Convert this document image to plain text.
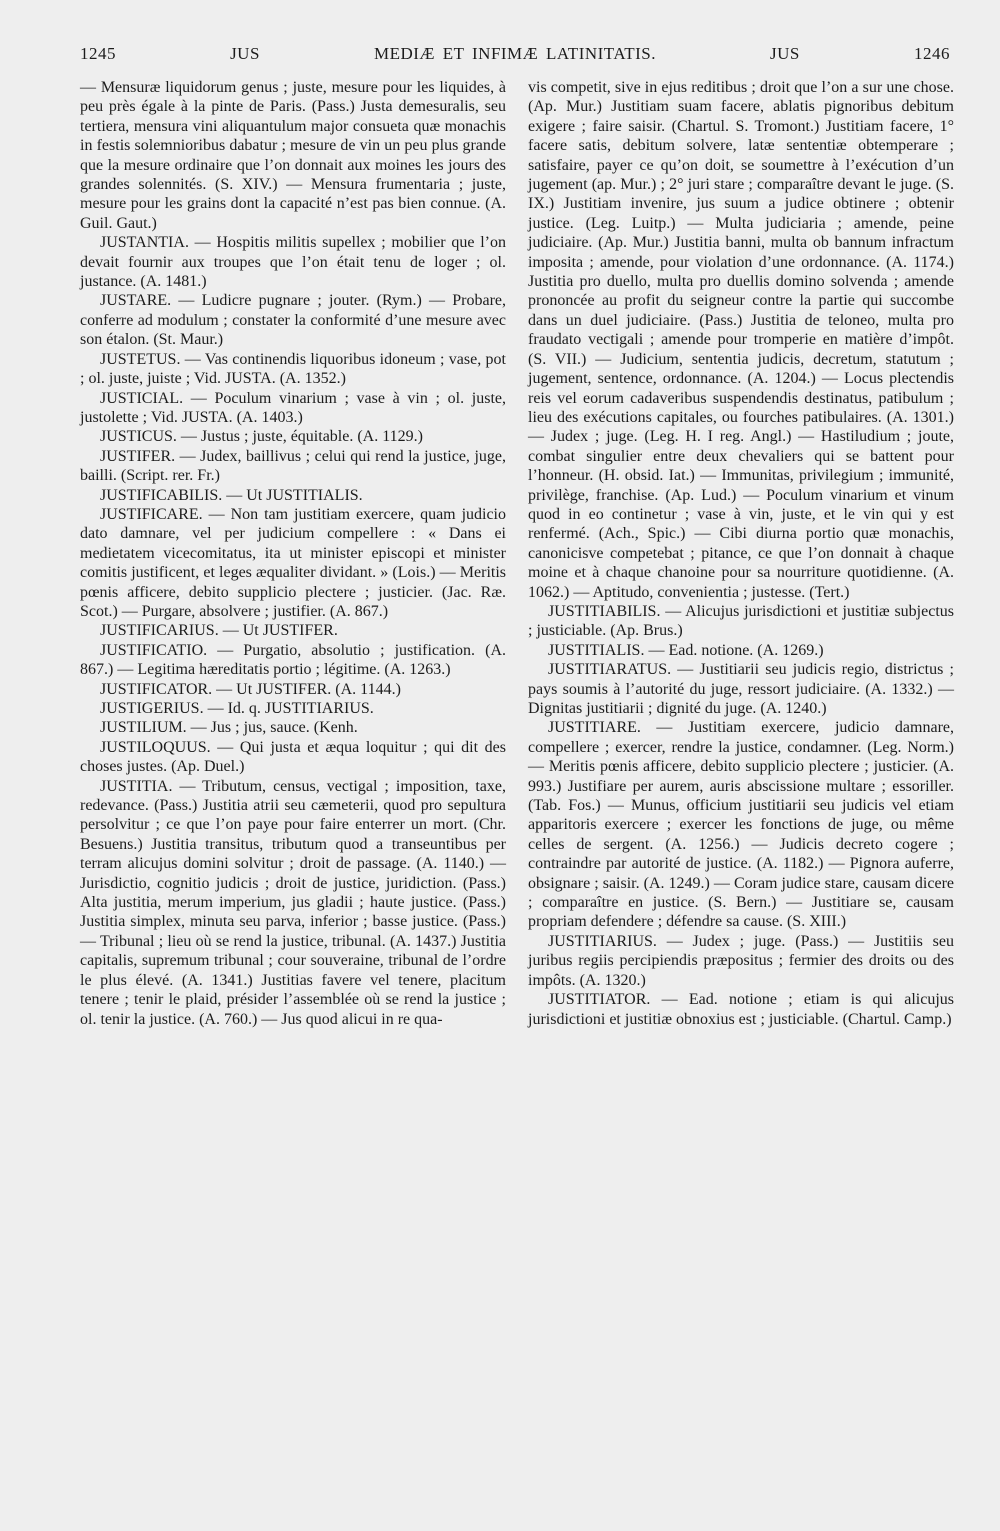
1245	JUS	MEDIÆ ET INFIMÆ LATINITATIS.	JUS	1246

— Mensuræ liquidorum genus ; juste, mesure pour les liquides, à peu près égale à la pinte de Paris. (Pass.) Justa demesuralis, seu tertiera, mensura vini aliquantulum major consueta quæ monachis in festis solemnioribus dabatur ; mesure de vin un peu plus grande que la mesure ordinaire que l’on donnait aux moines les jours des grandes solennités. (S. XIV.) — Mensura frumentaria ; juste, mesure pour les grains dont la capacité n’est pas bien connue. (A. Guil. Gaut.)

JUSTANTIA. — Hospitis militis supellex ; mobilier que l’on devait fournir aux troupes que l’on était tenu de loger ; ol. justance. (A. 1481.)

JUSTARE. — Ludicre pugnare ; jouter. (Rym.) — Probare, conferre ad modulum ; constater la conformité d’une mesure avec son étalon. (St. Maur.)

JUSTETUS. — Vas continendis liquoribus idoneum ; vase, pot ; ol. juste, juiste ; Vid. JUSTA. (A. 1352.)

JUSTICIAL. — Poculum vinarium ; vase à vin ; ol. juste, justolette ; Vid. JUSTA. (A. 1403.)

JUSTICUS. — Justus ; juste, équitable. (A. 1129.)

JUSTIFER. — Judex, baillivus ; celui qui rend la justice, juge, bailli. (Script. rer. Fr.)

JUSTIFICABILIS. — Ut JUSTITIALIS.

JUSTIFICARE. — Non tam justitiam exercere, quam judicio dato damnare, vel per judicium compellere : « Dans ei medietatem vicecomitatus, ita ut minister episcopi et minister comitis justificent, et leges æqualiter dividant. » (Lois.) — Meritis pœnis afficere, debito supplicio plectere ; justicier. (Jac. Ræ. Scot.) — Purgare, absolvere ; justifier. (A. 867.)

JUSTIFICARIUS. — Ut JUSTIFER.

JUSTIFICATIO. — Purgatio, absolutio ; justification. (A. 867.) — Legitima hæreditatis portio ; légitime. (A. 1263.)

JUSTIFICATOR. — Ut JUSTIFER. (A. 1144.)

JUSTIGERIUS. — Id. q. JUSTITIARIUS.

JUSTILIUM. — Jus ; jus, sauce. (Kenh.

JUSTILOQUUS. — Qui justa et æqua loquitur ; qui dit des choses justes. (Ap. Duel.)

JUSTITIA. — Tributum, census, vectigal ; imposition, taxe, redevance. (Pass.) Justitia atrii seu cæmeterii, quod pro sepultura persolvitur ; ce que l’on paye pour faire enterrer un mort. (Chr. Besuens.) Justitia transitus, tributum quod a transeuntibus per terram alicujus domini solvitur ; droit de passage. (A. 1140.) — Jurisdictio, cognitio judicis ; droit de justice, juridiction. (Pass.) Alta justitia, merum imperium, jus gladii ; haute justice. (Pass.) Justitia simplex, minuta seu parva, inferior ; basse justice. (Pass.) — Tribunal ; lieu où se rend la justice, tribunal. (A. 1437.) Justitia capitalis, supremum tribunal ; cour souveraine, tribunal de l’ordre le plus élevé. (A. 1341.) Justitias favere vel tenere, placitum tenere ; tenir le plaid, présider l’assemblée où se rend la justice ; ol. tenir la justice. (A. 760.) — Jus quod alicui in re qua-

vis competit, sive in ejus reditibus ; droit que l’on a sur une chose. (Ap. Mur.) Justitiam suam facere, ablatis pignoribus debitum exigere ; faire saisir. (Chartul. S. Tromont.) Justitiam facere, 1° facere satis, debitum solvere, latæ sententiæ obtemperare ; satisfaire, payer ce qu’on doit, se soumettre à l’exécution d’un jugement (ap. Mur.) ; 2° juri stare ; comparaître devant le juge. (S. IX.) Justitiam invenire, jus suum a judice obtinere ; obtenir justice. (Leg. Luitp.) — Multa judiciaria ; amende, peine judiciaire. (Ap. Mur.) Justitia banni, multa ob bannum infractum imposita ; amende, pour violation d’une ordonnance. (A. 1174.) Justitia pro duello, multa pro duellis domino solvenda ; amende prononcée au profit du seigneur contre la partie qui succombe dans un duel judiciaire. (Pass.) Justitia de teloneo, multa pro fraudato vectigali ; amende pour tromperie en matière d’impôt. (S. VII.) — Judicium, sententia judicis, decretum, statutum ; jugement, sentence, ordonnance. (A. 1204.) — Locus plectendis reis vel eorum cadaveribus suspendendis destinatus, patibulum ; lieu des exécutions capitales, ou fourches patibulaires. (A. 1301.) — Judex ; juge. (Leg. H. I reg. Angl.) — Hastiludium ; joute, combat singulier entre deux chevaliers qui se battent pour l’honneur. (H. obsid. Iat.) — Immunitas, privilegium ; immunité, privilège, franchise. (Ap. Lud.) — Poculum vinarium et vinum quod in eo continetur ; vase à vin, juste, et le vin qui y est renfermé. (Ach., Spic.) — Cibi diurna portio quæ monachis, canonicisve competebat ; pitance, ce que l’on donnait à chaque moine et à chaque chanoine pour sa nourriture quotidienne. (A. 1062.) — Aptitudo, convenientia ; justesse. (Tert.)

JUSTITIABILIS. — Alicujus jurisdictioni et justitiæ subjectus ; justiciable. (Ap. Brus.)

JUSTITIALIS. — Ead. notione. (A. 1269.)

JUSTITIARATUS. — Justitiarii seu judicis regio, districtus ; pays soumis à l’autorité du juge, ressort judiciaire. (A. 1332.) — Dignitas justitiarii ; dignité du juge. (A. 1240.)

JUSTITIARE. — Justitiam exercere, judicio damnare, compellere ; exercer, rendre la justice, condamner. (Leg. Norm.) — Meritis pœnis afficere, debito supplicio plectere ; justicier. (A. 993.) Justifiare per aurem, auris abscissione multare ; essoriller. (Tab. Fos.) — Munus, officium justitiarii seu judicis vel etiam apparitoris exercere ; exercer les fonctions de juge, ou même celles de sergent. (A. 1256.) — Judicis decreto cogere ; contraindre par autorité de justice. (A. 1182.) — Pignora auferre, obsignare ; saisir. (A. 1249.) — Coram judice stare, causam dicere ; comparaître en justice. (S. Bern.) — Justitiare se, causam propriam defendere ; défendre sa cause. (S. XIII.)

JUSTITIARIUS. — Judex ; juge. (Pass.) — Justitiis seu juribus regiis percipiendis præpositus ; fermier des droits ou des impôts. (A. 1320.)

JUSTITIATOR. — Ead. notione ; etiam is qui alicujus jurisdictioni et justitiæ obnoxius est ; justiciable. (Chartul. Camp.)
